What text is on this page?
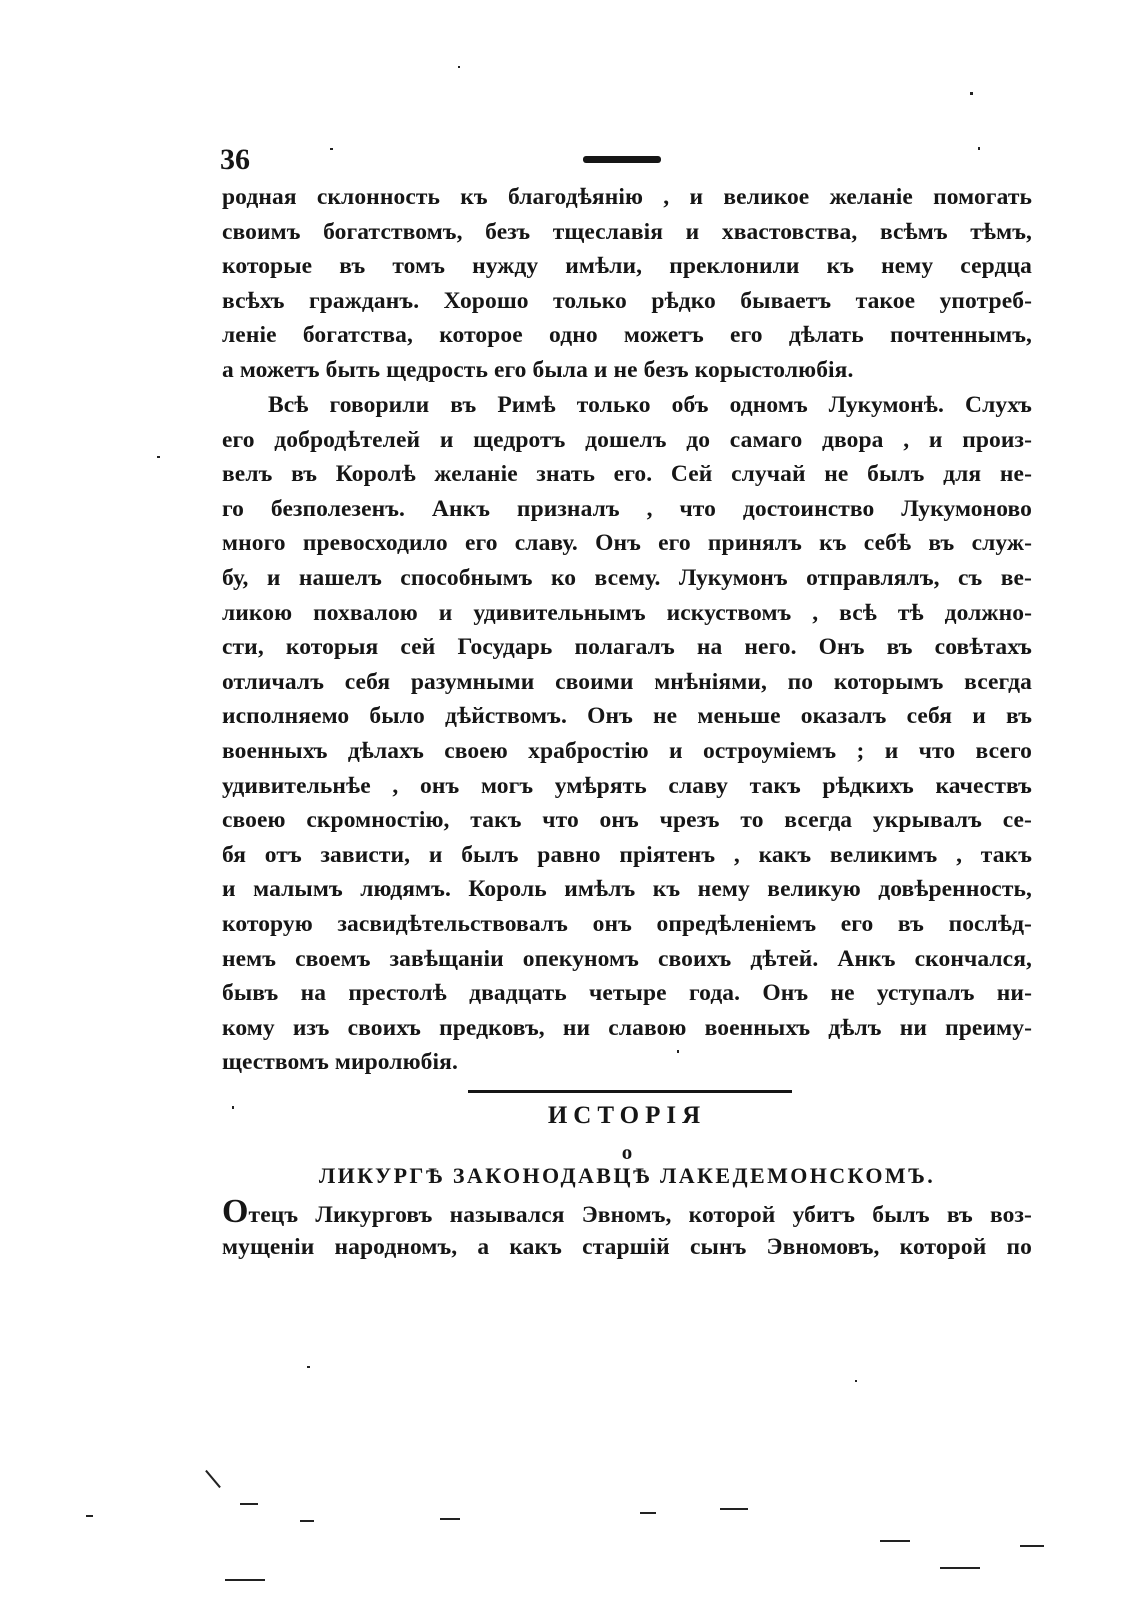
36
родная склонность къ благодѣянію , и великое желаніе помогать
своимъ богатствомъ, безъ тщеславія и хвастовства, всѣмъ тѣмъ,
которые въ томъ нужду имѣли, преклонили къ нему сердца
всѣхъ гражданъ. Хорошо только рѣдко бываетъ такое употреб-
леніе богатства, которое одно можетъ его дѣлать почтеннымъ,
а можетъ быть щедрость его была и не безъ корыстолюбія.
Всѣ говорили въ Римѣ только объ одномъ Лукумонѣ. Слухъ
его добродѣтелей и щедротъ дошелъ до самаго двора , и произ-
велъ въ Королѣ желаніе знать его. Сей случай не былъ для не-
го безполезенъ. Анкъ призналъ , что достоинство Лукумоново
много превосходило его славу. Онъ его принялъ къ себѣ въ служ-
бу, и нашелъ способнымъ ко всему. Лукумонъ отправлялъ, съ ве-
ликою похвалою и удивительнымъ искуствомъ , всѣ тѣ должно-
сти, которыя сей Государь полагалъ на него. Онъ въ совѣтахъ
отличалъ себя разумными своими мнѣніями, по которымъ всегда
исполняемо было дѣйствомъ. Онъ не меньше оказалъ себя и въ
военныхъ дѣлахъ своею храбростію и остроуміемъ ; и что всего
удивительнѣе , онъ могъ умѣрять славу такъ рѣдкихъ качествъ
своею скромностію, такъ что онъ чрезъ то всегда укрывалъ се-
бя отъ зависти, и былъ равно пріятенъ , какъ великимъ , такъ
и малымъ людямъ. Король имѣлъ къ нему великую довѣренность,
которую засвидѣтельствовалъ онъ опредѣленіемъ его въ послѣд-
немъ своемъ завѣщаніи опекуномъ своихъ дѣтей. Анкъ скончался,
бывъ на престолѣ двадцать четыре года. Онъ не уступалъ ни-
кому изъ своихъ предковъ, ни славою военныхъ дѣлъ ни преиму-
ществомъ миролюбія.
ИСТОРІЯ
о
ЛИКУРГѢ ЗАКОНОДАВЦѢ ЛАКЕДЕМОНСКОМЪ.
Отецъ Ликурговъ назывался Эвномъ, которой убитъ былъ въ воз-
мущеніи народномъ, а какъ старшій сынъ Эвномовъ, которой по
